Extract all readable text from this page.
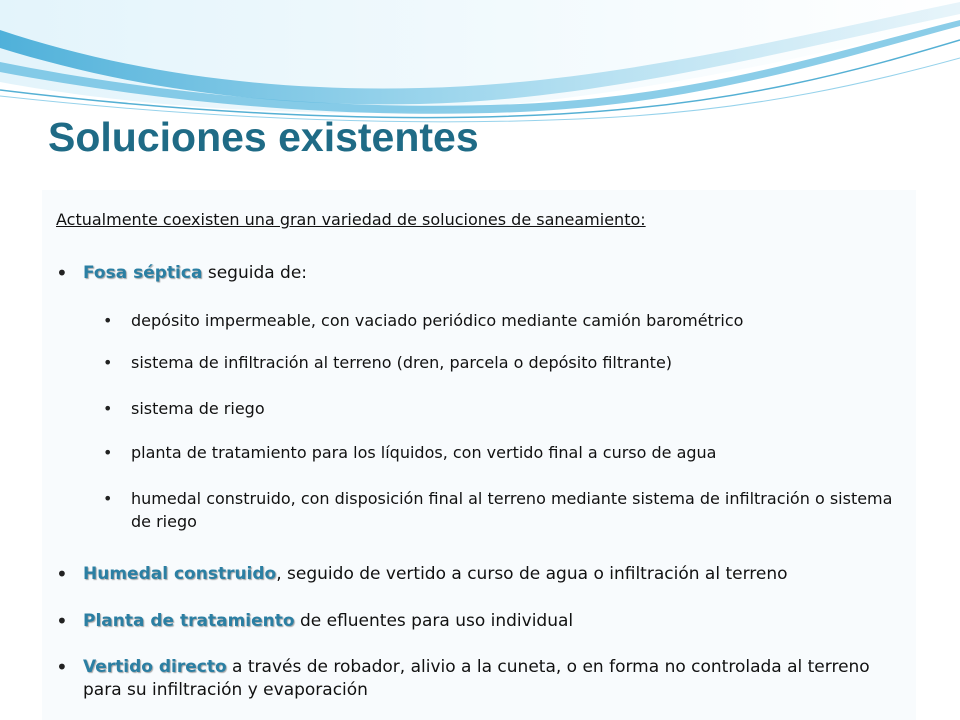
Soluciones existentes

Actualmente coexisten una gran variedad de soluciones de saneamiento:

• Fosa séptica seguida de:
• depósito impermeable, con vaciado periódico mediante camión barométrico
• sistema de infiltración al terreno (dren, parcela o depósito filtrante)
• sistema de riego
• planta de tratamiento para los líquidos, con vertido final a curso de agua
• humedal construido, con disposición final al terreno mediante sistema de infiltración o sistema de riego
• Humedal construido, seguido de vertido a curso de agua o infiltración al terreno
• Planta de tratamiento de efluentes para uso individual
• Vertido directo a través de robador, alivio a la cuneta, o en forma no controlada al terreno para su infiltración y evaporación
